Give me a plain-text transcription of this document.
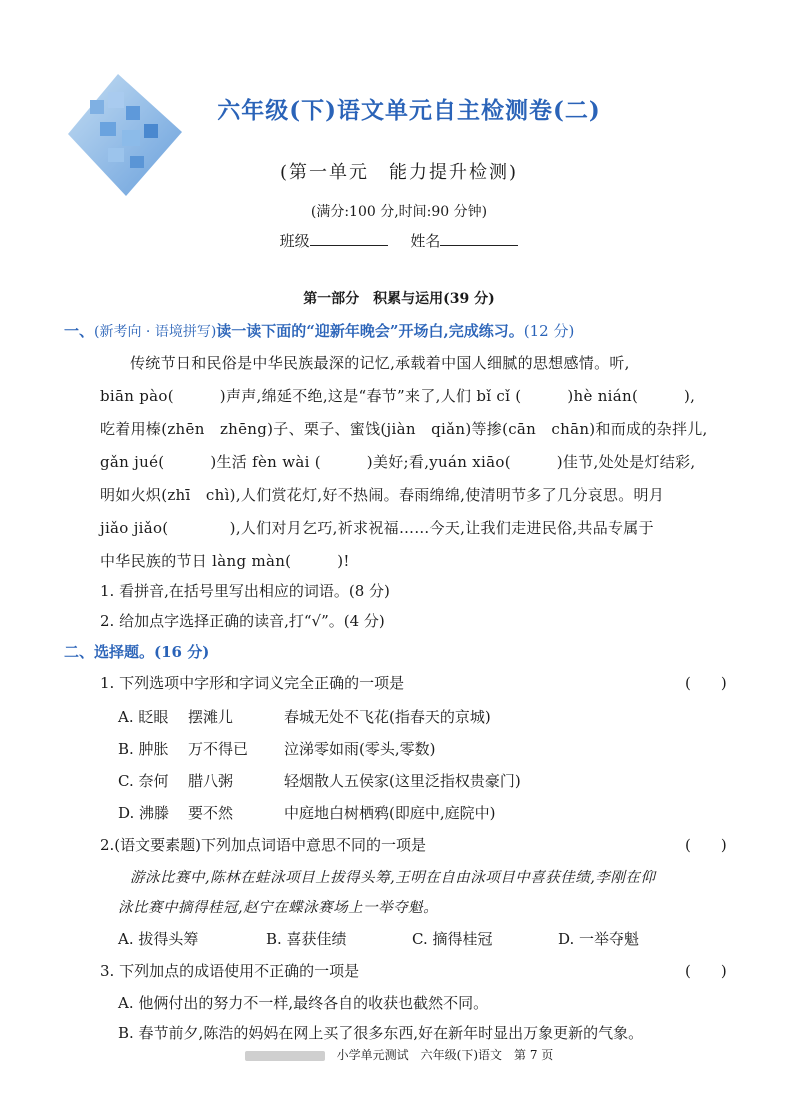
六年级(下)语文单元自主检测卷(二)
(第一单元　能力提升检测)
(满分:100 分,时间:90 分钟)
班级	姓名
第一部分　积累与运用(39 分)
一、(新考向 · 语境拼写)读一读下面的“迎新年晚会”开场白,完成练习。(12 分)
传统节日和民俗是中华民族最深的记忆,承载着中国人细腻的思想感情。听,
biān pào(　　　)声声,绵延不绝,这是“春节”来了,人们 bǐ cǐ (　　　)hè nián(　　　),
吃着用榛(zhēn　zhēng)子、栗子、蜜饯(jiàn　qiǎn)等掺(cān　chān)和而成的杂拌儿,
gǎn jué(　　　)生活 fèn wài (　　　)美好;看,yuán xiāo(　　　)佳节,处处是灯结彩,
明如火炽(zhī　chì),人们赏花灯,好不热闹。春雨绵绵,使清明节多了几分哀思。明月
jiǎo jiǎo(　　　　),人们对月乞巧,祈求祝福……今天,让我们走进民俗,共品专属于
中华民族的节日 làng màn(　　　)!
1. 看拼音,在括号里写出相应的词语。(8 分)
2. 给加点字选择正确的读音,打“√”。(4 分)
二、选择题。(16 分)
1. 下列选项中字形和字词义完全正确的一项是	(　　)
A. 眨眼 摆滩儿	春城无处不飞花(指春天的京城)
B. 肿胀 万不得已 泣涕零如雨(零头,零数)
C. 奈何 腊八粥	轻烟散人五侯家(这里泛指权贵豪门)
D. 沸滕 要不然	中庭地白树栖鸦(即庭中,庭院中)
2.(语文要素题)下列加点词语中意思不同的一项是	(　　)
游泳比赛中,陈林在蛙泳项目上拔得头筹,王明在自由泳项目中喜获佳绩,李刚在仰
泳比赛中摘得桂冠,赵宁在蝶泳赛场上一举夺魁。
A. 拔得头筹	B. 喜获佳绩	C. 摘得桂冠	D. 一举夺魁
3. 下列加点的成语使用不正确的一项是	(　　)
A. 他俩付出的努力不一样,最终各自的收获也截然不同。
B. 春节前夕,陈浩的妈妈在网上买了很多东西,好在新年时显出万象更新的气象。
小学单元测试　六年级(下)语文　第 7 页
